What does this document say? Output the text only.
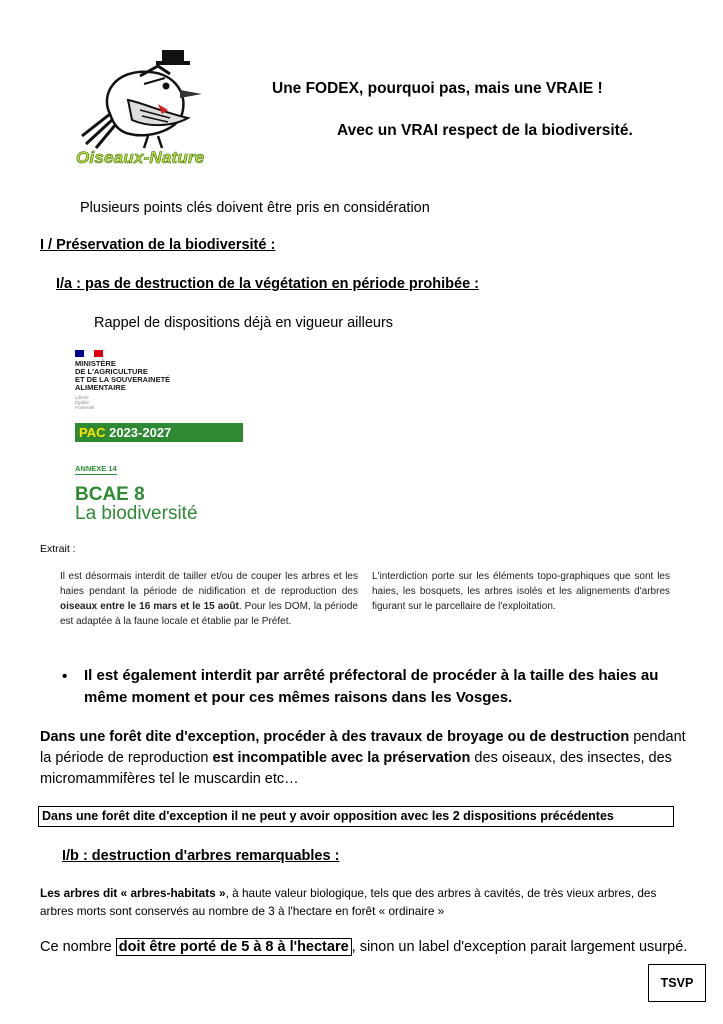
Oiseaux-Nature
Une FODEX, pourquoi pas, mais une VRAIE !
Avec un VRAI respect de la biodiversité.
Plusieurs points clés doivent être pris en considération
I / Préservation de la biodiversité :
I/a : pas de destruction de la végétation en période prohibée :
Rappel de dispositions déjà en vigueur ailleurs
MINISTÈRE
DE L'AGRICULTURE
ET DE LA SOUVERAINETÉ
ALIMENTAIRE
Liberté
Égalité
Fraternité
PAC 2023-2027
ANNEXE 14
BCAE 8
La biodiversité
Extrait :
Il est désormais interdit de tailler et/ou de couper les arbres et les haies pendant la période de nidification et de reproduction des oiseaux entre le 16 mars et le 15 août. Pour les DOM, la période est adaptée à la faune locale et établie par le Préfet.
L'interdiction porte sur les éléments topo-graphiques que sont les haies, les bosquets, les arbres isolés et les alignements d'arbres figurant sur le parcellaire de l'exploitation.
• Il est également interdit par arrêté préfectoral de procéder à la taille des haies au même moment et pour ces mêmes raisons dans les Vosges.
Dans une forêt dite d'exception, procéder à des travaux de broyage ou de destruction pendant la période de reproduction est incompatible avec la préservation des oiseaux, des insectes, des micromammifères tel le muscardin etc…
Dans une forêt dite d'exception il ne peut y avoir opposition avec les 2 dispositions précédentes
I/b : destruction d'arbres remarquables :
Les arbres dit « arbres-habitats », à haute valeur biologique, tels que des arbres à cavités, de très vieux arbres, des arbres morts sont conservés au nombre de 3 à l'hectare en forêt « ordinaire »
Ce nombre doit être porté de 5 à 8 à l'hectare , sinon un label d'exception parait largement usurpé.
TSVP
